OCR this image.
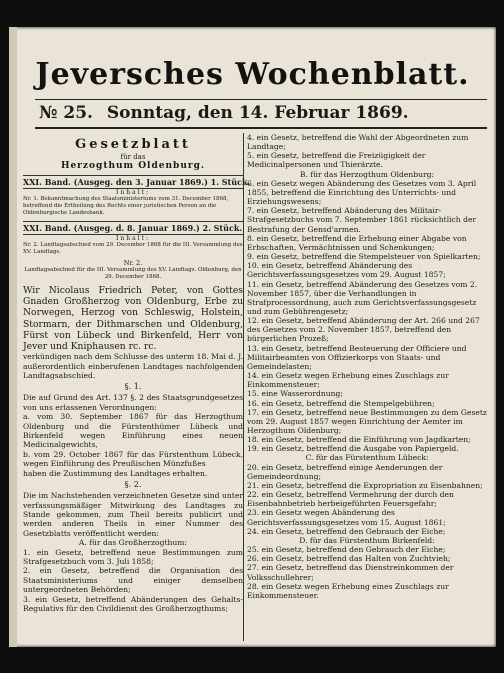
Jeversches Wochenblatt.
№ 25. Sonntag, den 14. Februar 1869.
Gesetzblatt
für das
Herzogthum Oldenburg.
XXI. Band. (Ausgeg. den 3. Januar 1869.) 1. Stück.
Inhalt:
Nr. 1. Bekanntmachung des Staatsministeriums vom 31. December 1868, betreffend die Ertheilung des Rechts einer juristischen Person an die Oldenburgische Landesbank.
XXI. Band. (Ausgeg. d. 8. Januar 1869.) 2. Stück.
Inhalt:
Nr. 2. Landtagsabschied vom 29. December 1868 für die III. Versammlung des XV. Landtags.
Nr. 2.
Landtagsabschied für die III. Versammlung des XV. Landtags. Oldenburg, den 29. December 1868.
Wir Nicolaus Friedrich Peter, von Gottes Gnaden Großherzog von Oldenburg, Erbe zu Norwegen, Herzog von Schleswig, Holstein, Stormarn, der Dithmarschen und Oldenburg, Fürst von Lübeck und Birkenfeld, Herr von Jever und Kniphausen rc. rc.
verkündigen nach dem Schlusse des unterm 18. Mai d. J. außerordentlich einberufenen Landtages nachfolgenden Landtagsabschied.
§. 1.
Die auf Grund des Art. 137 §. 2 des Staatsgrundgesetzes von uns erlassenen Verordnungen:
a. vom 30. September 1867 für das Herzogthum Oldenburg und die Fürstenthümer Lübeck und Birkenfeld wegen Einführung eines neuen Medicinalgewichts,
b. vom 29. October 1867 für das Fürstenthum Lübeck, wegen Einführung des Preußischen Münzfußes
haben die Zustimmung des Landtages erhalten.
§. 2.
Die im Nachstehenden verzeichneten Gesetze sind unter verfassungsmäßiger Mitwirkung des Landtages zu Stande gekommen, zum Theil bereits publicirt und werden anderen Theils in einer Nummer des Gesetzblatts veröffentlicht werden:
A. für das Großherzogthum:
1. ein Gesetz, betreffend neue Bestimmungen zum Strafgesetzbuch vom 3. Juli 1858;
2. ein Gesetz, betreffend die Organisation des Staatsministeriums und einiger demselben untergeordneten Behörden;
3. ein Gesetz, betreffend Abänderungen des Gehalts-Regulativs für den Civildienst des Großherzogthums;
4. ein Gesetz, betreffend die Wahl der Abgeordneten zum Landtage;
5. ein Gesetz, betreffend die Freizügigkeit der Medicinalpersonen und Thierärzte.
B. für das Herzogthum Oldenburg:
6. ein Gesetz wegen Abänderung des Gesetzes vom 3. April 1855, betreffend die Einrichtung des Unterrichts- und Erziehungswesens;
7. ein Gesetz, betreffend Abänderung des Militair-Strafgesetzbuchs vom 7. September 1861 rücksichtlich der Bestrafung der Gensd'armen.
8. ein Gesetz, betreffend die Erhebung einer Abgabe von Erbschaften, Vermächtnissen und Schenkungen;
9. ein Gesetz, betreffend die Stempelsteuer von Spielkarten;
10. ein Gesetz, betreffend Abänderung des Gerichtsverfassungsgesetzes vom 29. August 1857;
11. ein Gesetz, betreffend Abänderung des Gesetzes vom 2. November 1857, über die Verhandlungen in Strafprocessordnung, auch zum Gerichtsverfassungsgesetz und zum Gebührengesetz;
12. ein Gesetz, betreffend Abänderung der Art. 266 und 267 des Gesetzes vom 2. November 1857, betreffend den bürgerlichen Prozeß;
13. ein Gesetz, betreffend Besteuerung der Officiere und Militairbeamten von Offizierkorps von Staats- und Gemeindelasten;
14. ein Gesetz wegen Erhebung eines Zuschlags zur Einkommensteuer;
15. eine Wasserordnung;
16. ein Gesetz, betreffend die Stempelgebühren;
17. ein Gesetz, betreffend neue Bestimmungen zu dem Gesetz vom 29. August 1857 wegen Einrichtung der Aemter im Herzogthum Oldenburg;
18. ein Gesetz, betreffend die Einführung von Jagdkarten;
19. ein Gesetz, betreffend die Ausgabe von Papiergeld.
C. für das Fürstenthum Lübeck:
20. ein Gesetz, betreffend einige Aenderungen der Gemeindeordnung;
21. ein Gesetz, betreffend die Expropriation zu Eisenbahnen;
22. ein Gesetz, betreffend Vermehrung der durch den Eisenbahnbetrieb herbeigeführten Feuersgefahr;
23. ein Gesetz wegen Abänderung des Gerichtsverfassungsgesetzes vom 15. August 1861;
24. ein Gesetz, betreffend den Gebrauch der Eiche;
D. für das Fürstenthum Birkenfeld:
25. ein Gesetz, betreffend den Gebrauch der Eiche;
26. ein Gesetz, betreffend das Halten von Zuchtvieh;
27. ein Gesetz, betreffend das Dienstreinkommen der Volksschullehrer;
28. ein Gesetz wegen Erhebung eines Zuschlags zur Einkommensteuer.
